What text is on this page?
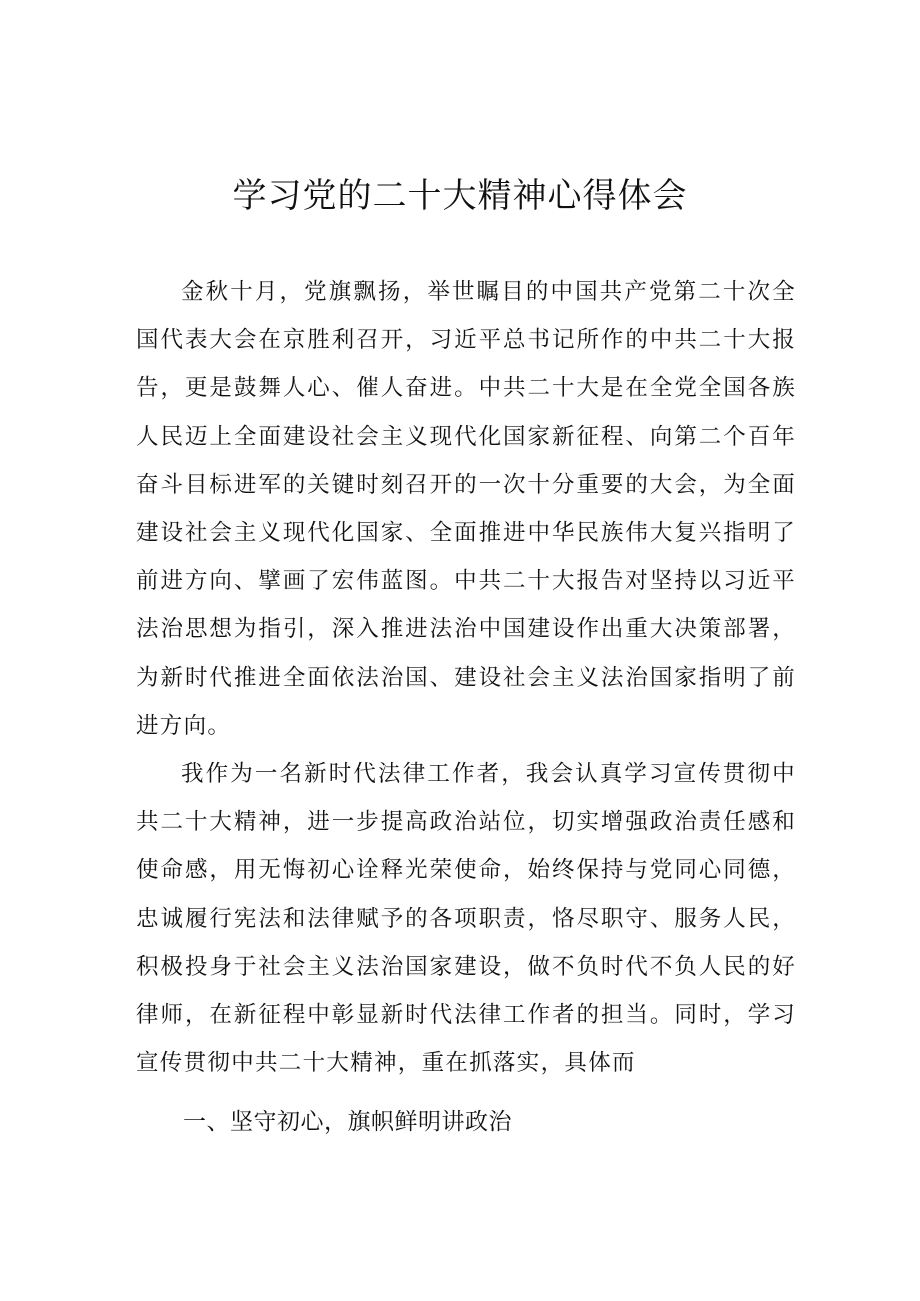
学习党的二十大精神心得体会

金秋十月，党旗飘扬，举世瞩目的中国共产党第二十次全国代表大会在京胜利召开，习近平总书记所作的中共二十大报告，更是鼓舞人心、催人奋进。中共二十大是在全党全国各族人民迈上全面建设社会主义现代化国家新征程、向第二个百年奋斗目标进军的关键时刻召开的一次十分重要的大会，为全面建设社会主义现代化国家、全面推进中华民族伟大复兴指明了前进方向、擘画了宏伟蓝图。中共二十大报告对坚持以习近平法治思想为指引，深入推进法治中国建设作出重大决策部署，为新时代推进全面依法治国、建设社会主义法治国家指明了前进方向。

我作为一名新时代法律工作者，我会认真学习宣传贯彻中共二十大精神，进一步提高政治站位，切实增强政治责任感和使命感，用无悔初心诠释光荣使命，始终保持与党同心同德，忠诚履行宪法和法律赋予的各项职责，恪尽职守、服务人民，积极投身于社会主义法治国家建设，做不负时代不负人民的好律师，在新征程中彰显新时代法律工作者的担当。同时，学习宣传贯彻中共二十大精神，重在抓落实，具体而

一、坚守初心，旗帜鲜明讲政治
